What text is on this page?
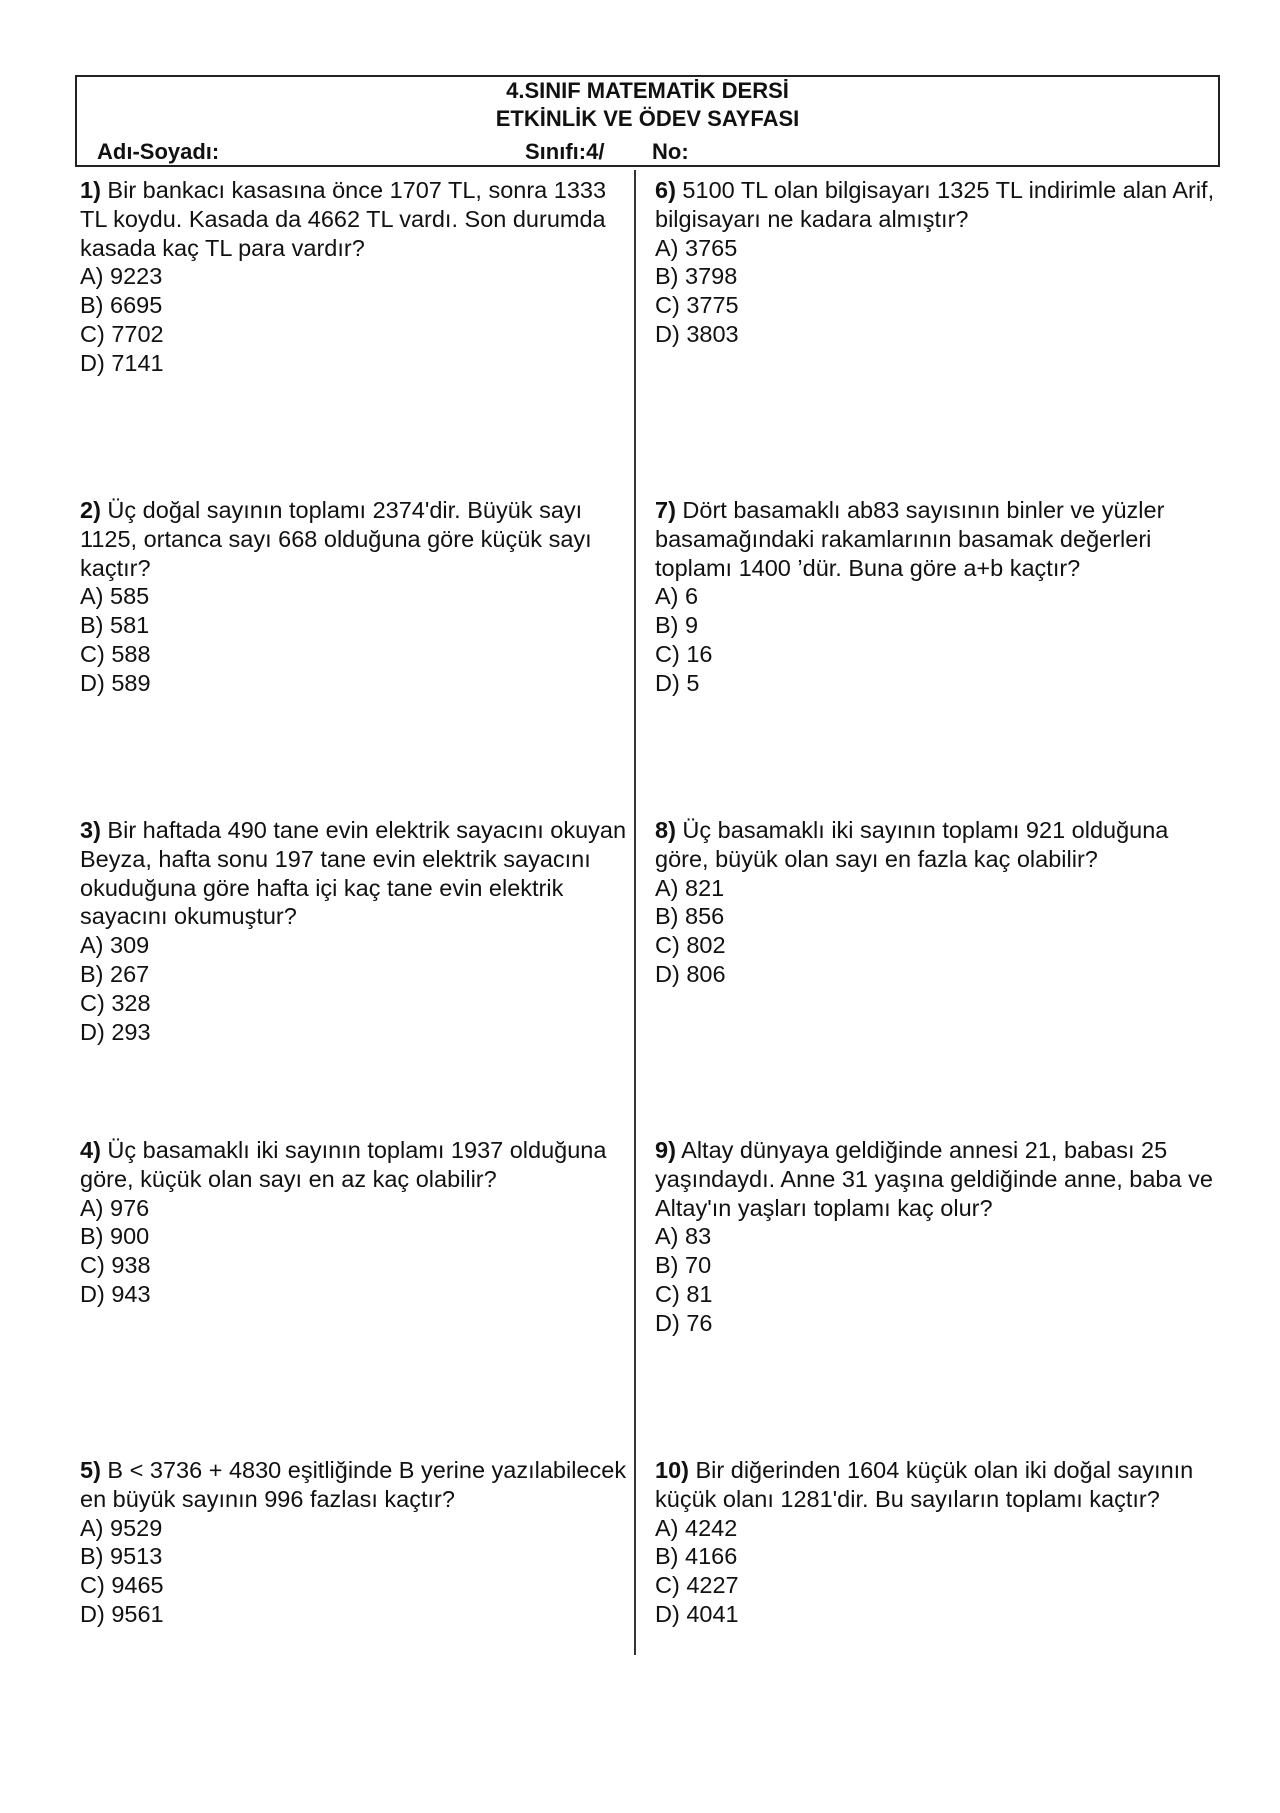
4.SINIF MATEMATİK DERSİ
ETKİNLİK VE ÖDEV SAYFASI
Adı-Soyadı:	Sınıfı:4/ No:

1) Bir bankacı kasasına önce 1707 TL, sonra 1333 TL koydu. Kasada da 4662 TL vardı. Son durumda kasada kaç TL para vardır?

A) 9223

B) 6695

C) 7702

D) 7141

2) Üç doğal sayının toplamı 2374'dir. Büyük sayı 1125, ortanca sayı 668 olduğuna göre küçük sayı kaçtır?

A) 585

B) 581

C) 588

D) 589

3) Bir haftada 490 tane evin elektrik sayacını okuyan Beyza, hafta sonu 197 tane evin elektrik sayacını okuduğuna göre hafta içi kaç tane evin elektrik sayacını okumuştur?

A) 309

B) 267

C) 328

D) 293

4) Üç basamaklı iki sayının toplamı 1937 olduğuna göre, küçük olan sayı en az kaç olabilir?

A) 976

B) 900

C) 938

D) 943

5) B < 3736 + 4830 eşitliğinde B yerine yazılabilecek en büyük sayının 996 fazlası kaçtır?

A) 9529

B) 9513

C) 9465

D) 9561

6) 5100 TL olan bilgisayarı 1325 TL indirimle alan Arif, bilgisayarı ne kadara almıştır?

A) 3765

B) 3798

C) 3775

D) 3803

7) Dört basamaklı ab83 sayısının binler ve yüzler basamağındaki rakamlarının basamak değerleri toplamı 1400 ’dür. Buna göre a+b kaçtır?

A) 6

B) 9

C) 16

D) 5

8) Üç basamaklı iki sayının toplamı 921 olduğuna göre, büyük olan sayı en fazla kaç olabilir?

A) 821

B) 856

C) 802

D) 806

9) Altay dünyaya geldiğinde annesi 21, babası 25 yaşındaydı. Anne 31 yaşına geldiğinde anne, baba ve Altay'ın yaşları toplamı kaç olur?

A) 83

B) 70

C) 81

D) 76

10) Bir diğerinden 1604 küçük olan iki doğal sayının küçük olanı 1281'dir. Bu sayıların toplamı kaçtır?

A) 4242

B) 4166

C) 4227

D) 4041
